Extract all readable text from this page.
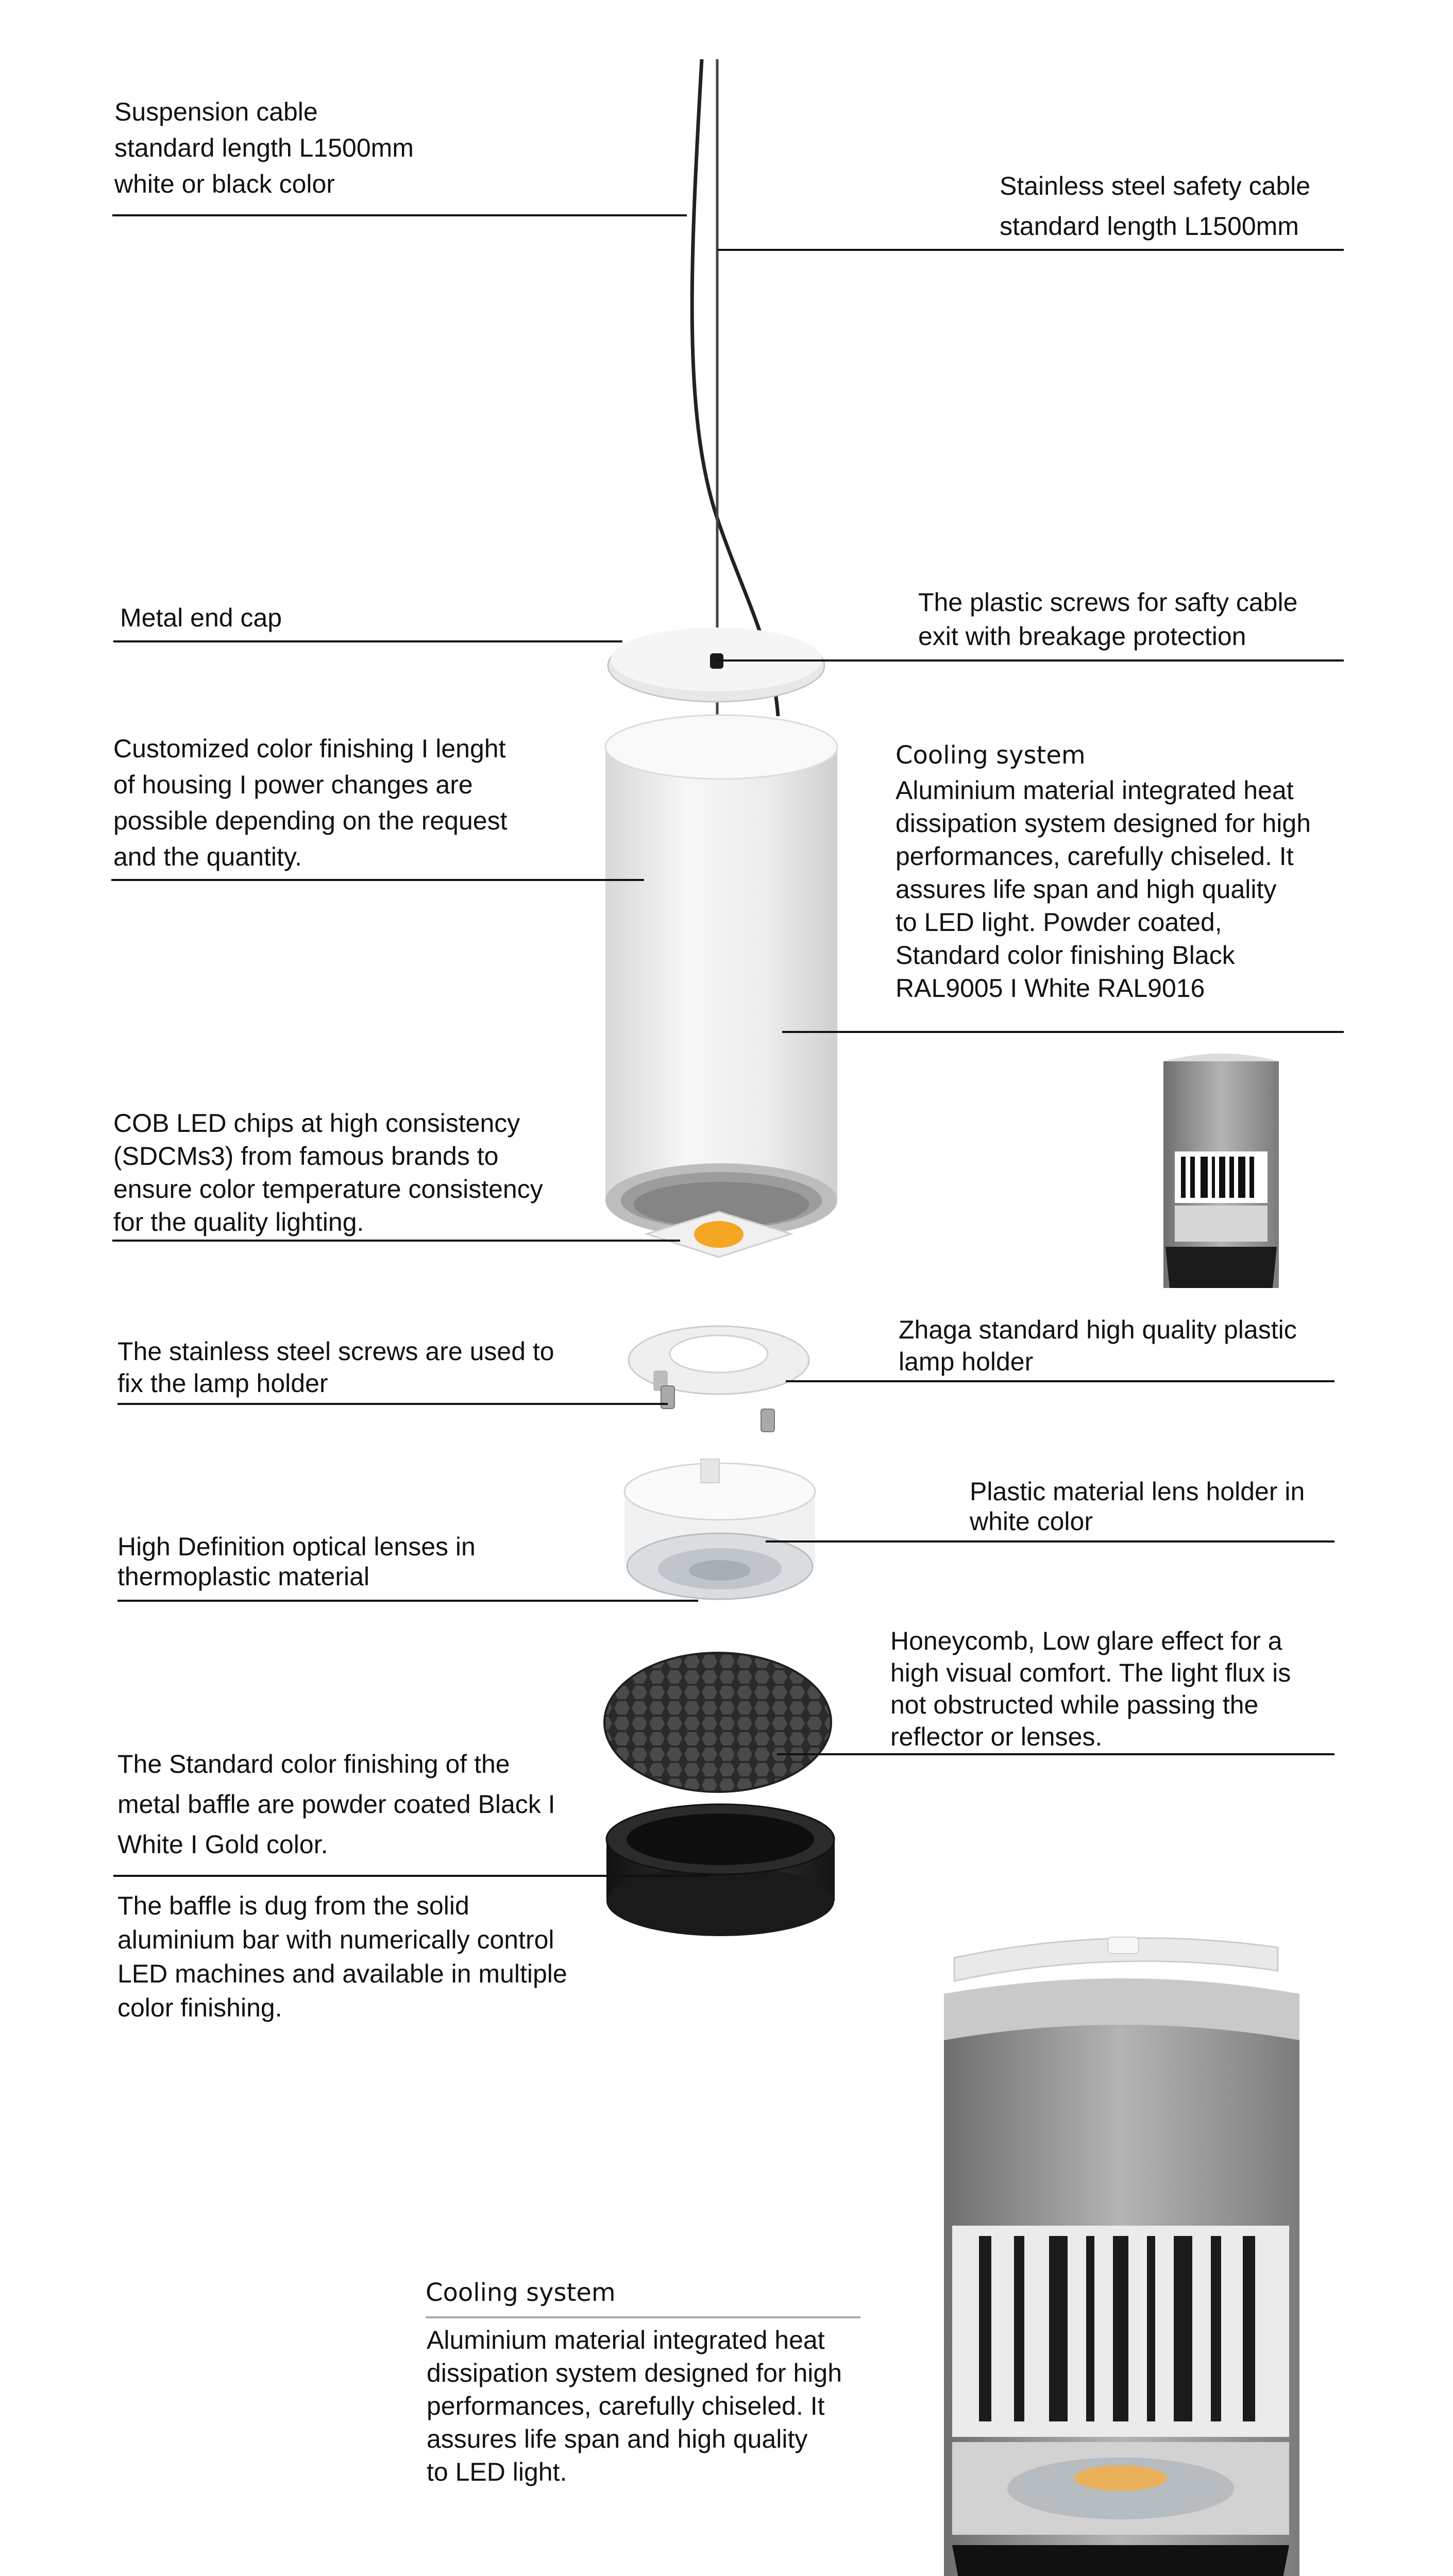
Suspension cable
standard length L1500mm
white or black color	Stainless steel safety cable
standard length L1500mm
Metal end cap
The plastic screws for safty cable
exit with breakage protection
Customized color finishing I lenght
of housing I power changes are
possible depending on the request
and the quantity.
Cooling system
Aluminium material integrated heat
dissipation system designed for high
performances, carefully chiseled. It
assures life span and high quality
to LED light. Powder coated,
Standard color finishing Black
RAL9005 I White RAL9016
COB LED chips at high consistency
(SDCMs3) from famous brands to
ensure color temperature consistency
for the quality lighting.
The stainless steel screws are used to
fix the lamp holder
Zhaga standard high quality plastic
lamp holder
Plastic material lens holder in
white color
High Definition optical lenses in
thermoplastic material
Honeycomb, Low glare effect for a
high visual comfort. The light flux is
not obstructed while passing the
reflector or lenses.
The Standard color finishing of the
metal baffle are powder coated Black I
White I Gold color.
The baffle is dug from the solid
aluminium bar with numerically control
LED machines and available in multiple
color finishing.
Cooling system
Aluminium material integrated heat
dissipation system designed for high
performances, carefully chiseled. It
assures life span and high quality
to LED light.
